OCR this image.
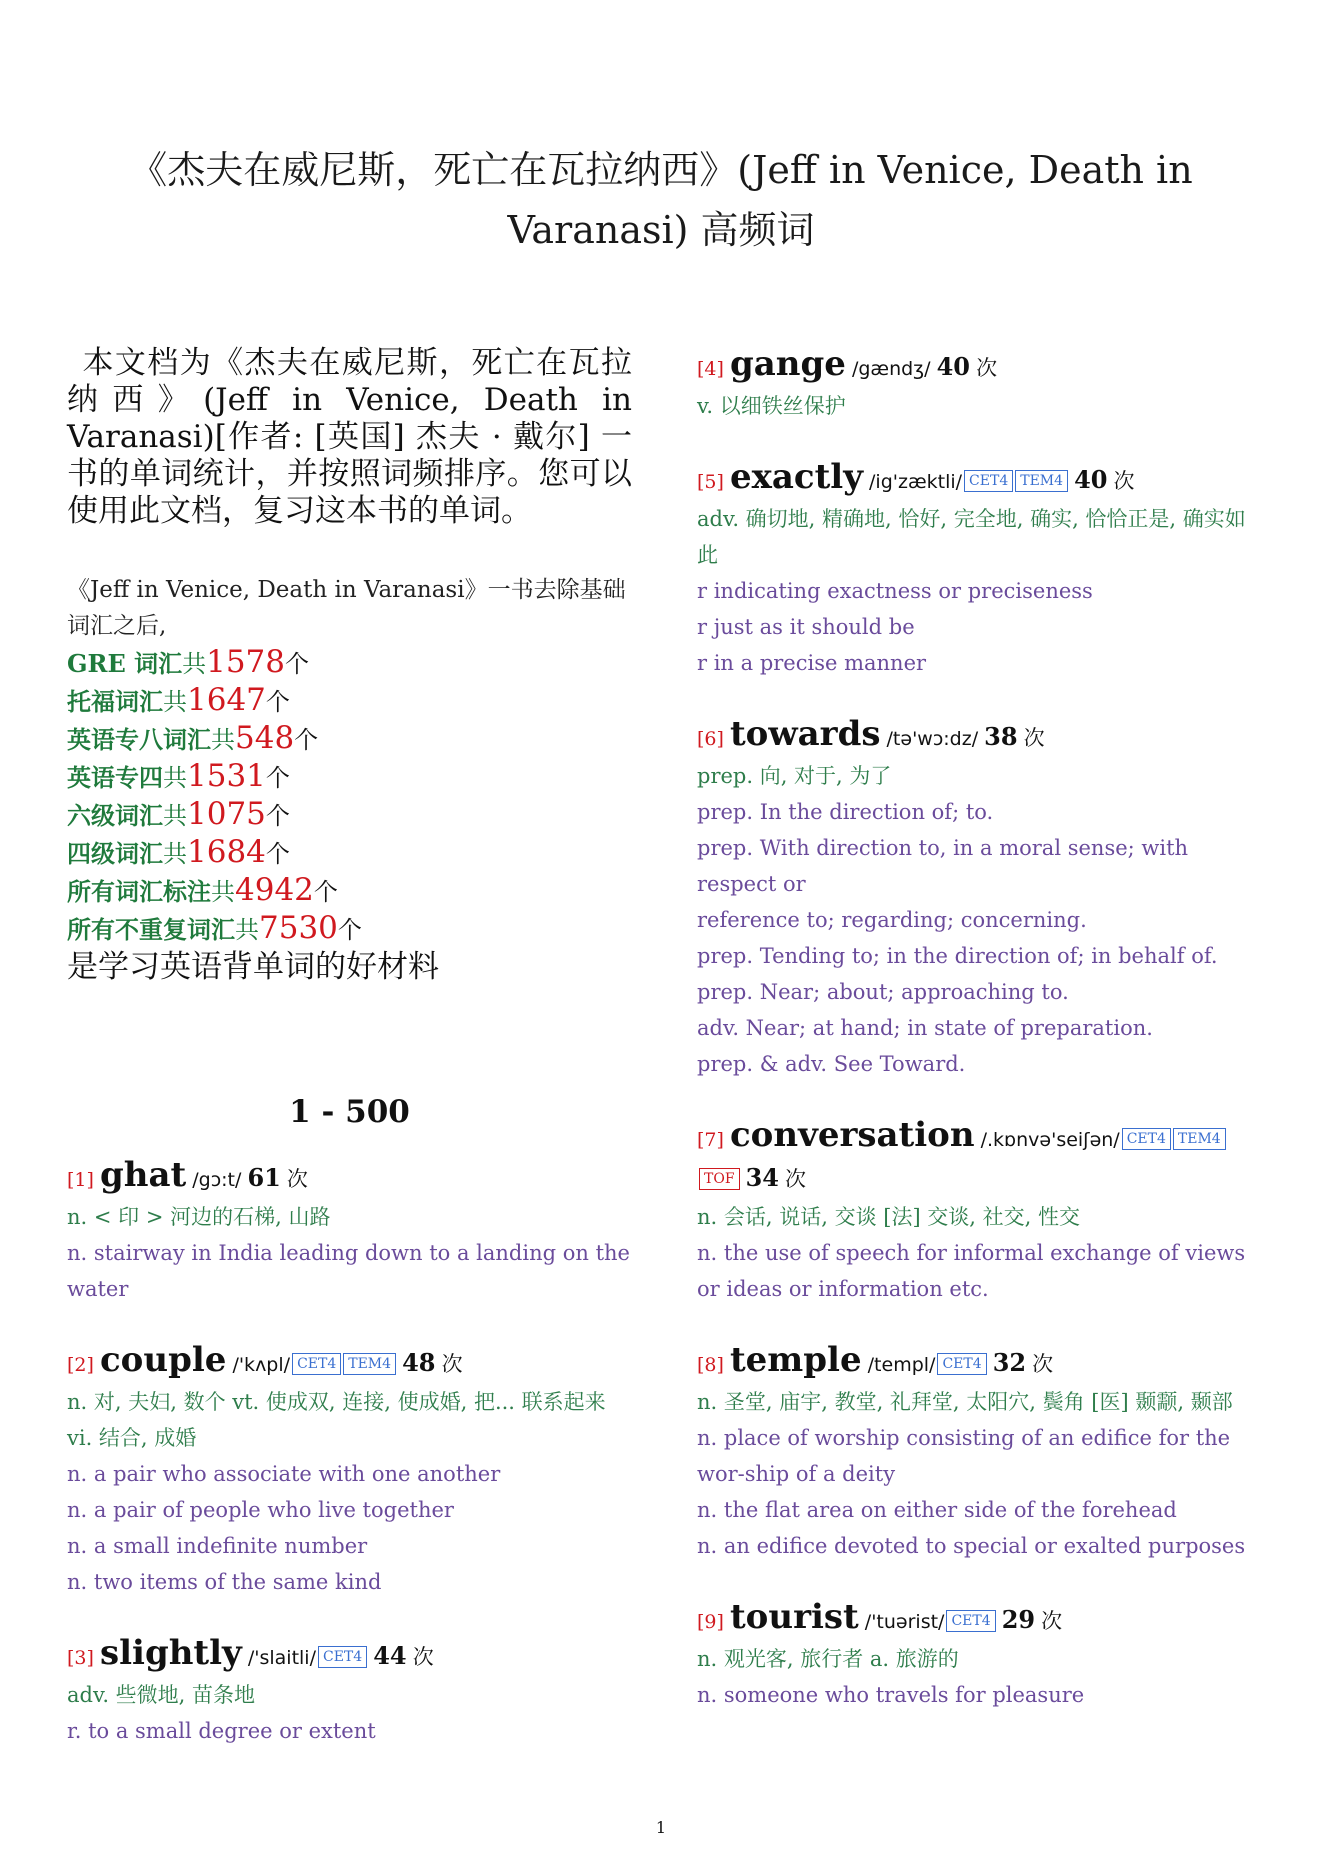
《杰夫在威尼斯，死亡在瓦拉纳西》(Jeff in Venice, Death in Varanasi) 高频词

本文档为《杰夫在威尼斯，死亡在瓦拉纳西》(Jeff in Venice, Death in Varanasi)[作者: [英国] 杰夫 · 戴尔] 一书的单词统计，并按照词频排序。您可以使用此文档，复习这本书的单词。

《Jeff in Venice, Death in Varanasi》一书去除基础词汇之后,
GRE 词汇共1578个
托福词汇共1647个
英语专八词汇共548个
英语专四共1531个
六级词汇共1075个
四级词汇共1684个
所有词汇标注共4942个
所有不重复词汇共7530个
是学习英语背单词的好材料
1 - 500
[1] ghat /gɔ:t/ 61 次

n. < 印 > 河边的石梯, 山路

n. stairway in India leading down to a landing on the water

[2] couple /'kʌpl/ CET4 TEM4 48 次

n. 对, 夫妇, 数个 vt. 使成双, 连接, 使成婚, 把... 联系起来 vi. 结合, 成婚

n. a pair who associate with one another

n. a pair of people who live together

n. a small indefinite number

n. two items of the same kind

[3] slightly /'slaitli/ CET4 44 次

adv. 些微地, 苗条地

r. to a small degree or extent

[4] gange /gændʒ/ 40 次

v. 以细铁丝保护

[5] exactly /ig'zæktli/ CET4 TEM4 40 次

adv. 确切地, 精确地, 恰好, 完全地, 确实, 恰恰正是, 确实如此

r indicating exactness or preciseness

r just as it should be

r in a precise manner

[6] towards /tə'wɔ:dz/ 38 次

prep. 向, 对于, 为了

prep. In the direction of; to.

prep. With direction to, in a moral sense; with respect or

reference to; regarding; concerning.

prep. Tending to; in the direction of; in behalf of.

prep. Near; about; approaching to.

adv. Near; at hand; in state of preparation.

prep. & adv. See Toward.

[7] conversation /.kɒnvə'seiʃən/ CET4 TEM4TOF 34 次

n. 会话, 说话, 交谈 [法] 交谈, 社交, 性交

n. the use of speech for informal exchange of views or ideas or information etc.

[8] temple /templ/ CET4 32 次

n. 圣堂, 庙宇, 教堂, 礼拜堂, 太阳穴, 鬓角 [医] 颞颥, 颞部

n. place of worship consisting of an edifice for the wor-ship of a deity

n. the flat area on either side of the forehead

n. an edifice devoted to special or exalted purposes

[9] tourist /'tuərist/ CET4 29 次

n. 观光客, 旅行者 a. 旅游的

n. someone who travels for pleasure

1
